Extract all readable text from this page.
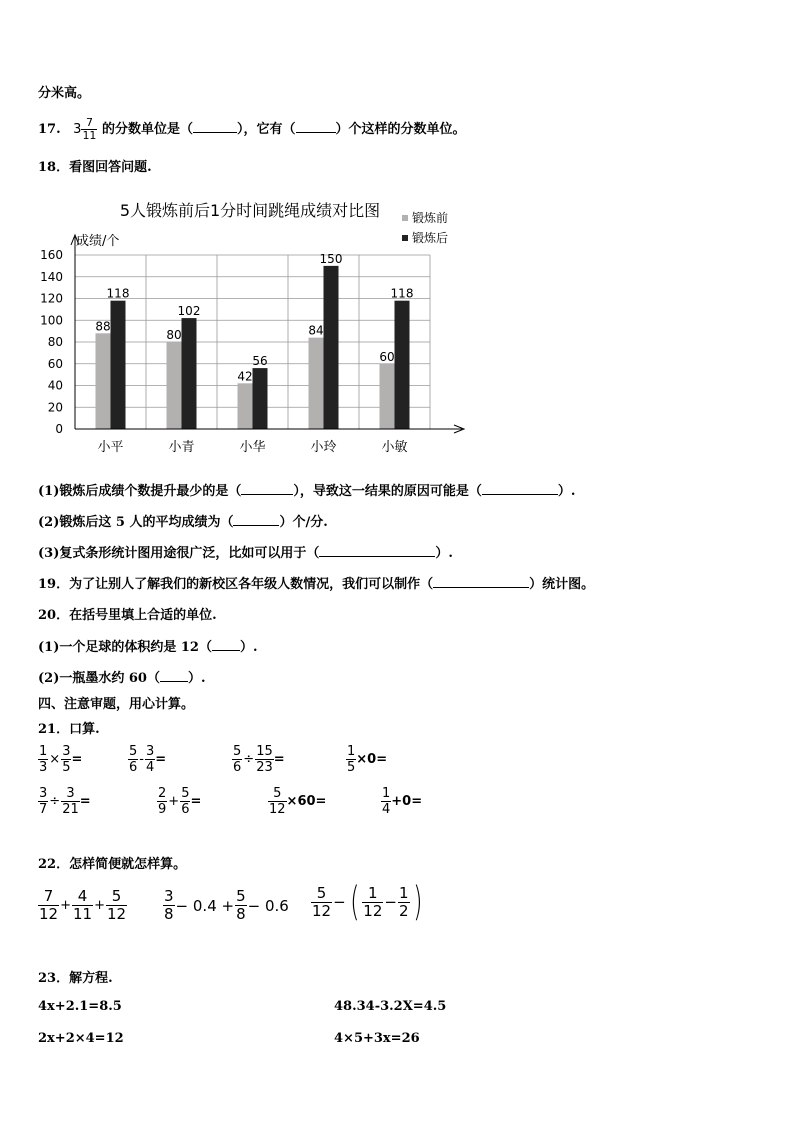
分米高。
17. $3 \frac{7}{11}$ 的分数单位是（	），它有（	）个这样的分数单位。
18．看图回答问题.
5人锻炼前后1分时间跳绳成绩对比图
成绩/个
88
118
80
102
42
56
84
150
60
118
0
20
40
60
80
100
120
140
160
小平	小青	小华	小玲	小敏
锻炼前
锻炼后
(1)锻炼后成绩个数提升最少的是（	），导致这一结果的原因可能是（	）.
(2)锻炼后这 5 人的平均成绩为（	）个/分.
(3)复式条形统计图用途很广泛，比如可以用于（	）.
19．为了让别人了解我们的新校区各年级人数情况，我们可以制作（	）统计图。
20．在括号里填上合适的单位.
(1)一个足球的体积约是 12（ ）.
(2)一瓶墨水约 60（ ）.
四、注意审题，用心计算。
21．口算.
$\frac{1}{3} \times \frac{3}{5}$ =	$\frac{5}{6} - \frac{3}{4}$ =	$\frac{5}{6} \div \frac{15}{23}$ =	$\frac{1}{5} \times 0=$
$\frac{3}{7} \div \frac{3}{21}$ =	$\frac{2}{9} + \frac{5}{6}$ =	$\frac{5}{12} \times 60=$	$\frac{1}{4} +0=$
22．怎样简便就怎样算。
$\frac{7}{12} + \frac{4}{11} + \frac{5}{12} \frac{3}{8} - 0.4 + \frac{5}{8} - 0.6 \frac{5}{12}$ − ( $\frac{1}{12} - \frac{1}{2}$ )
23．解方程.
4x+2.1=8.5	48.34-3.2X=4.5
2x+2×4=12	4×5+3x=26
